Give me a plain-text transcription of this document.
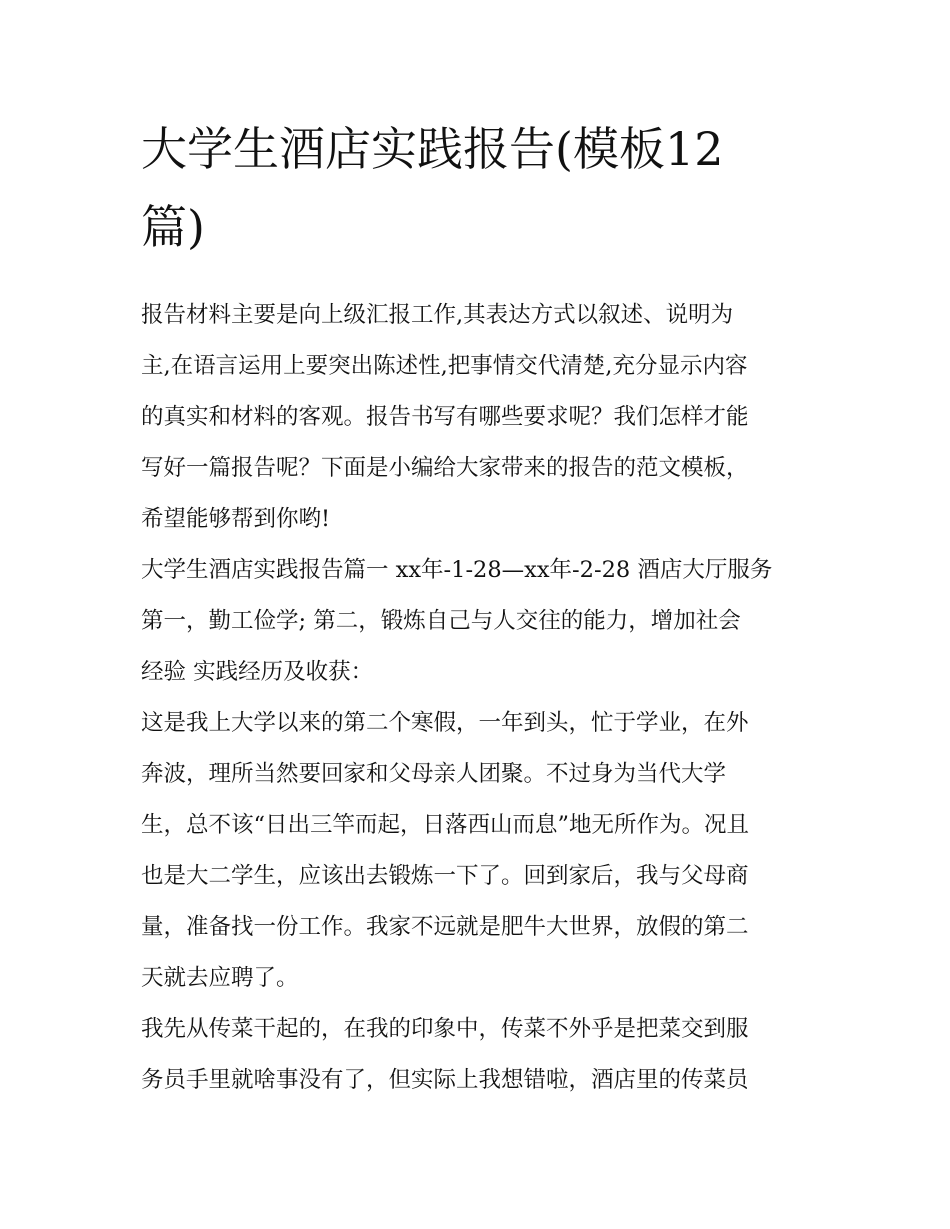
大学生酒店实践报告(模板12
篇)

报告材料主要是向上级汇报工作,其表达方式以叙述、说明为
主,在语言运用上要突出陈述性,把事情交代清楚,充分显示内容
的真实和材料的客观。报告书写有哪些要求呢？我们怎样才能
写好一篇报告呢？下面是小编给大家带来的报告的范文模板，
希望能够帮到你哟!

大学生酒店实践报告篇一 xx年-1-28—xx年-2-28 酒店大厅服务
第一，勤工俭学; 第二，锻炼自己与人交往的能力，增加社会
经验 实践经历及收获：

这是我上大学以来的第二个寒假，一年到头，忙于学业，在外
奔波，理所当然要回家和父母亲人团聚。不过身为当代大学
生，总不该“日出三竿而起，日落西山而息”地无所作为。况且
也是大二学生，应该出去锻炼一下了。回到家后，我与父母商
量，准备找一份工作。我家不远就是肥牛大世界，放假的第二
天就去应聘了。

我先从传菜干起的，在我的印象中，传菜不外乎是把菜交到服
务员手里就啥事没有了，但实际上我想错啦，酒店里的传菜员
